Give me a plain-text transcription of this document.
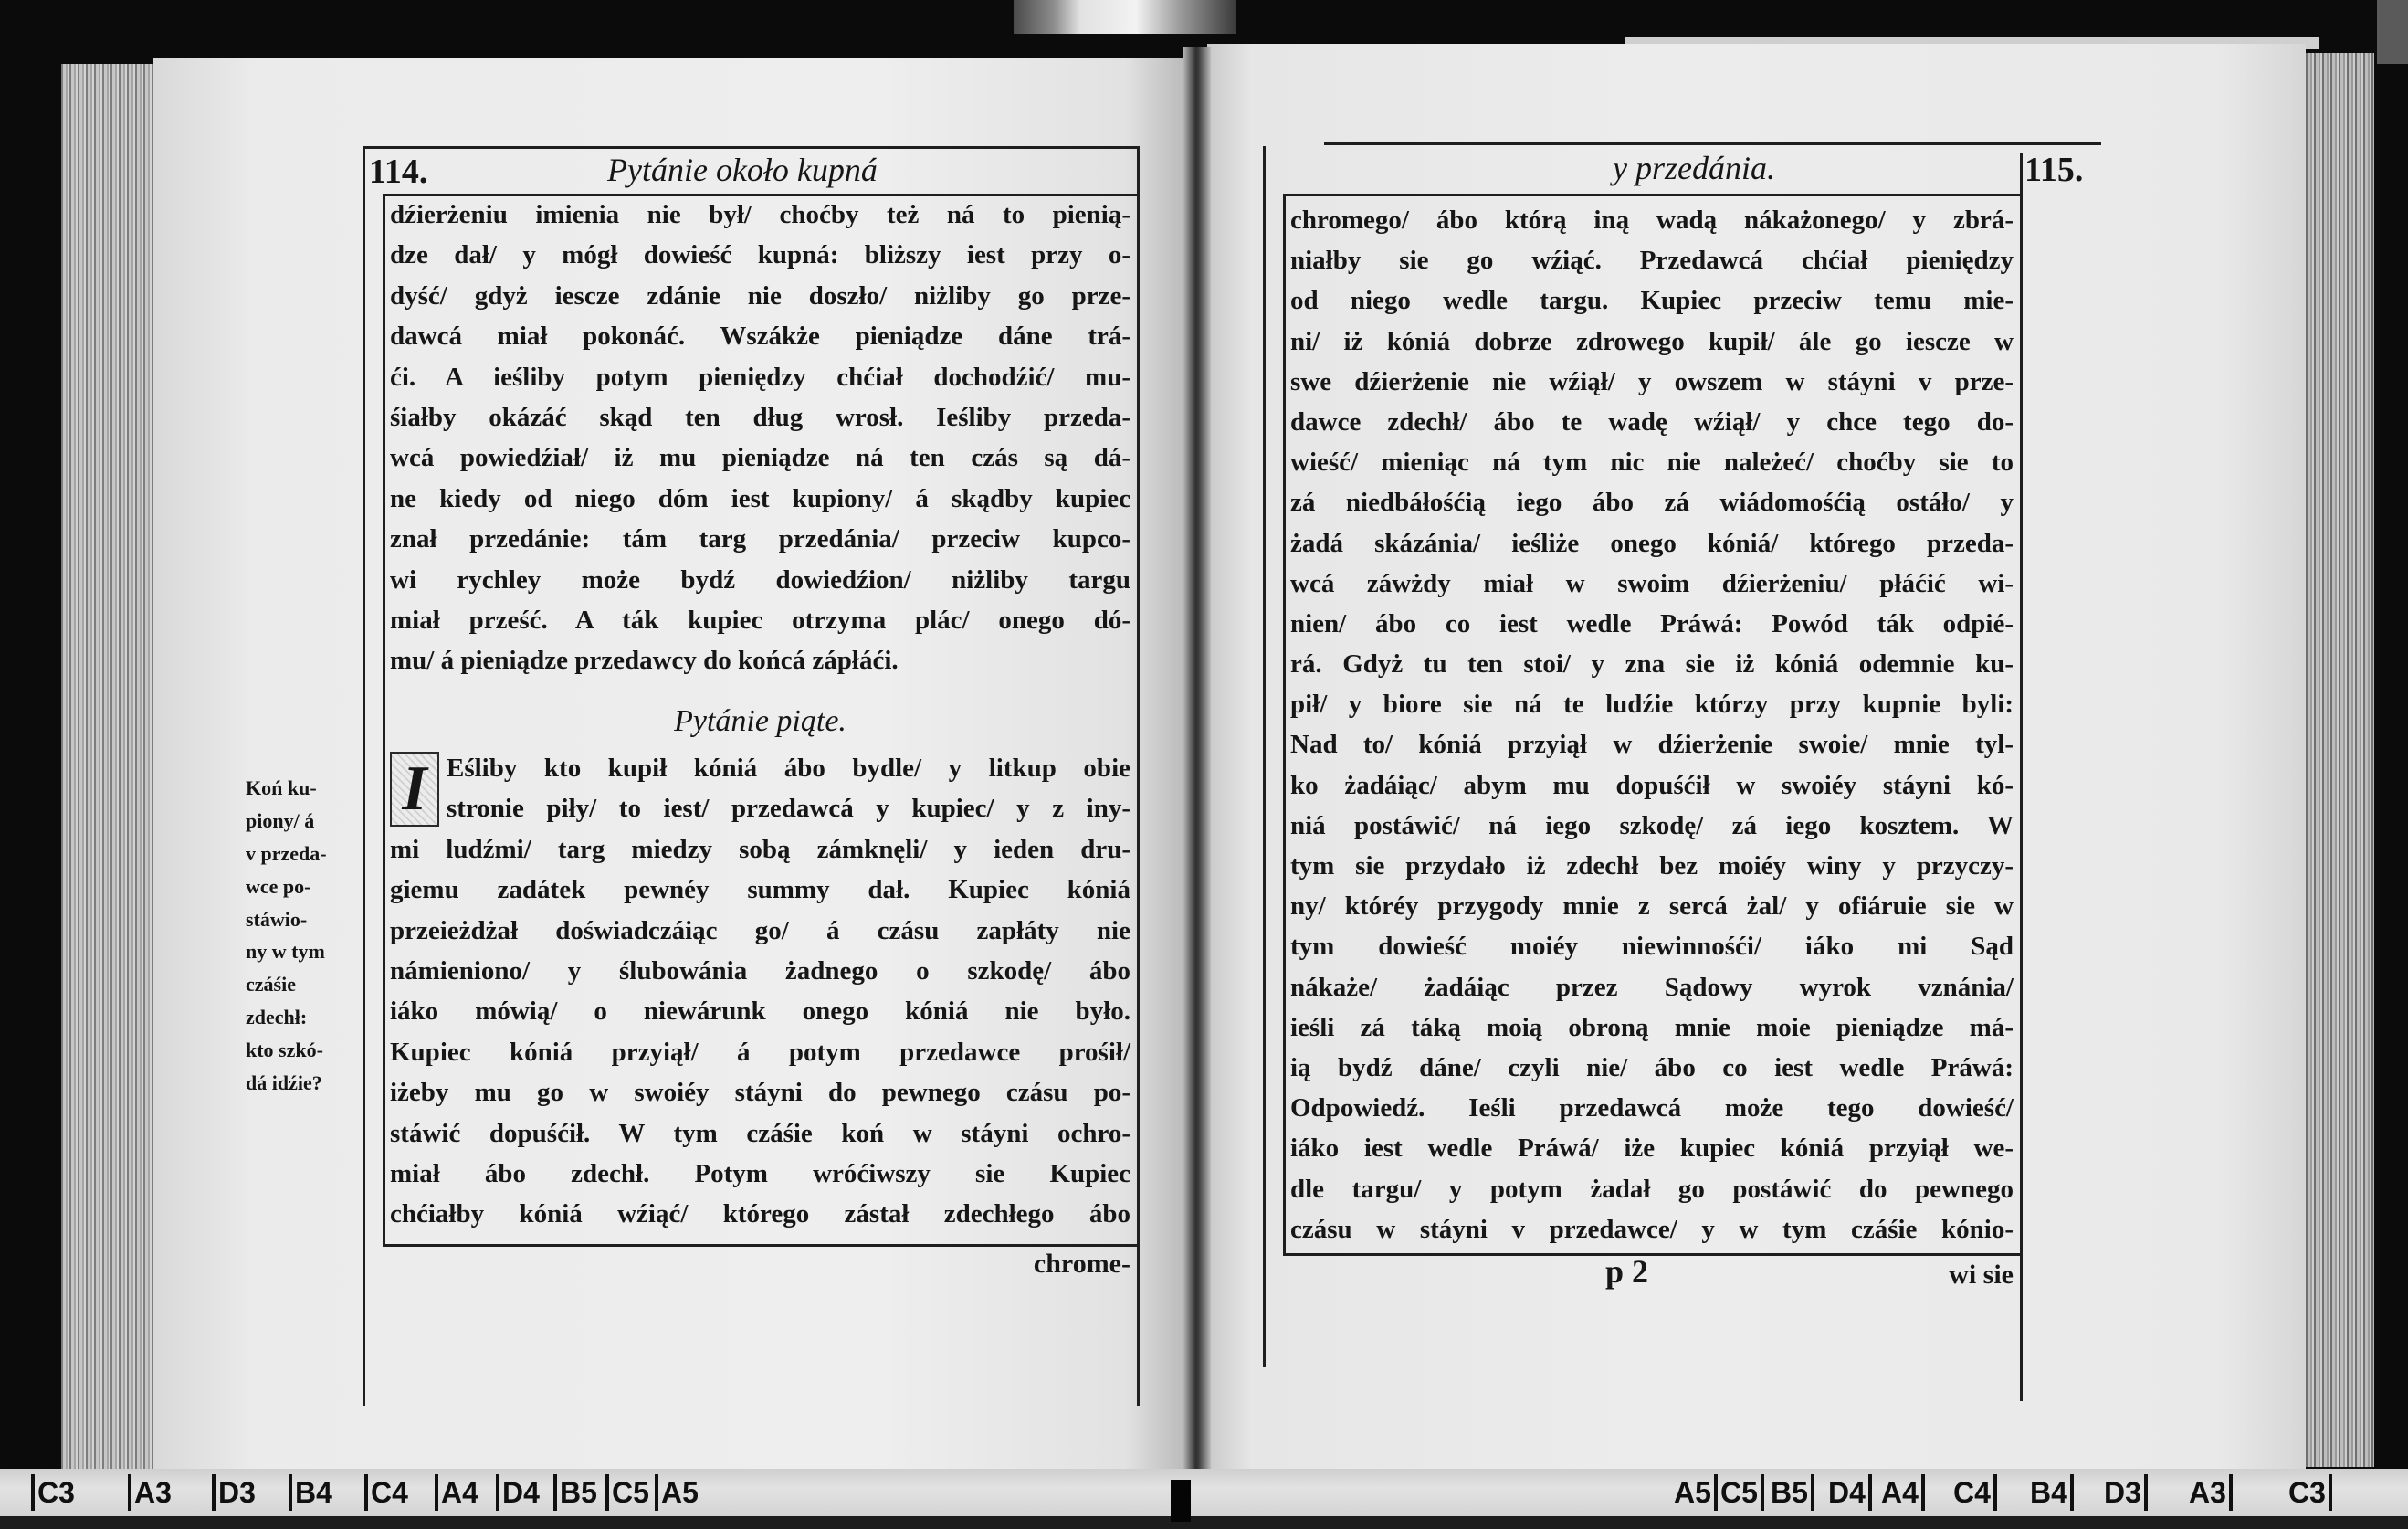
114.	Pytánie około kupná
dźierżeniu imienia nie był/ choćby też ná to pienią-
dze dał/ y mógł dowieść kupná: bliższy iest przy o-
dyść/ gdyż iescze zdánie nie doszło/ niżliby go prze-
dawcá miał pokonáć. Wszákże pieniądze dáne trá-
ći. A ieśliby potym pieniędzy chćiał dochodźić/ mu-
śiałby okázáć skąd ten dług wrosł. Ieśliby przeda-
wcá powiedźiał/ iż mu pieniądze ná ten czás są dá-
ne kiedy od niego dóm iest kupiony/ á skądby kupiec
znał przedánie: tám targ przedánia/ przeciw kupco-
wi rychley może bydź dowiedźion/ niżliby targu
miał prześć. A ták kupiec otrzyma plác/ onego dó-
mu/ á pieniądze przedawcy do końcá zápłáći.
Pytánie piąte.
I Eśliby kto kupił kóniá ábo bydle/ y litkup obie
stronie piły/ to iest/ przedawcá y kupiec/ y z iny-
mi ludźmi/ targ miedzy sobą zámknęli/ y ieden dru-
giemu zadátek pewnéy summy dał. Kupiec kóniá
przeieżdżał doświadczáiąc go/ á czásu zapłáty nie
námieniono/ y ślubowánia żadnego o szkodę/ ábo
iáko mówią/ o niewárunk onego kóniá nie było.
Kupiec kóniá przyiął/ á potym przedawce prośił/
iżeby mu go w swoiéy stáyni do pewnego czásu po-
stáwić dopuśćił. W tym czáśie koń w stáyni ochro-
miał ábo zdechł. Potym wróćiwszy sie Kupiec
chćiałby kóniá wźiąć/ którego zástał zdechłego ábo
chrome-
Koń ku-
piony/ á
v przeda-
wce po-
stáwio-
ny w tym
czáśie
zdechł:
kto szkó-
dá idźie?
y przedánia.	115.
chromego/ ábo którą iną wadą nákażonego/ y zbrá-
niałby sie go wźiąć. Przedawcá chćiał pieniędzy
od niego wedle targu. Kupiec przeciw temu mie-
ni/ iż kóniá dobrze zdrowego kupił/ ále go iescze w
swe dźierżenie nie wźiął/ y owszem w stáyni v prze-
dawce zdechł/ ábo te wadę wźiął/ y chce tego do-
wieść/ mieniąc ná tym nic nie należeć/ choćby sie to
zá niedbáłośćią iego ábo zá wiádomośćią ostáło/ y
żadá skázánia/ ieśliże onego kóniá/ którego przeda-
wcá záwżdy miał w swoim dźierżeniu/ płáćić wi-
nien/ ábo co iest wedle Práwá: Powód ták odpié-
rá. Gdyż tu ten stoi/ y zna sie iż kóniá odemnie ku-
pił/ y biore sie ná te ludźie którzy przy kupnie byli:
Nad to/ kóniá przyiął w dźierżenie swoie/ mnie tyl-
ko żadáiąc/ abym mu dopuśćił w swoiéy stáyni kó-
niá postáwić/ ná iego szkodę/ zá iego kosztem. W
tym sie przydało iż zdechł bez moiéy winy y przyczy-
ny/ któréy przygody mnie z sercá żal/ y ofiáruie sie w
tym dowieść moiéy niewinnośći/ iáko mi Sąd
nákaże/ żadáiąc przez Sądowy wyrok vznánia/
ieśli zá táką moią obroną mnie moie pieniądze má-
ią bydź dáne/ czyli nie/ ábo co iest wedle Práwá:
Odpowiedź. Ieśli przedawcá może tego dowieść/
iáko iest wedle Práwá/ iże kupiec kóniá przyiął we-
dle targu/ y potym żadał go postáwić do pewnego
czásu w stáyni v przedawce/ y w tym czáśie kónio-
p 2	wi sie
C3 A3 D3 B4 C4 A4 D4 B5 C5 A5	A5 C5 B5 D4 A4 C4 B4 D3 A3 C3
